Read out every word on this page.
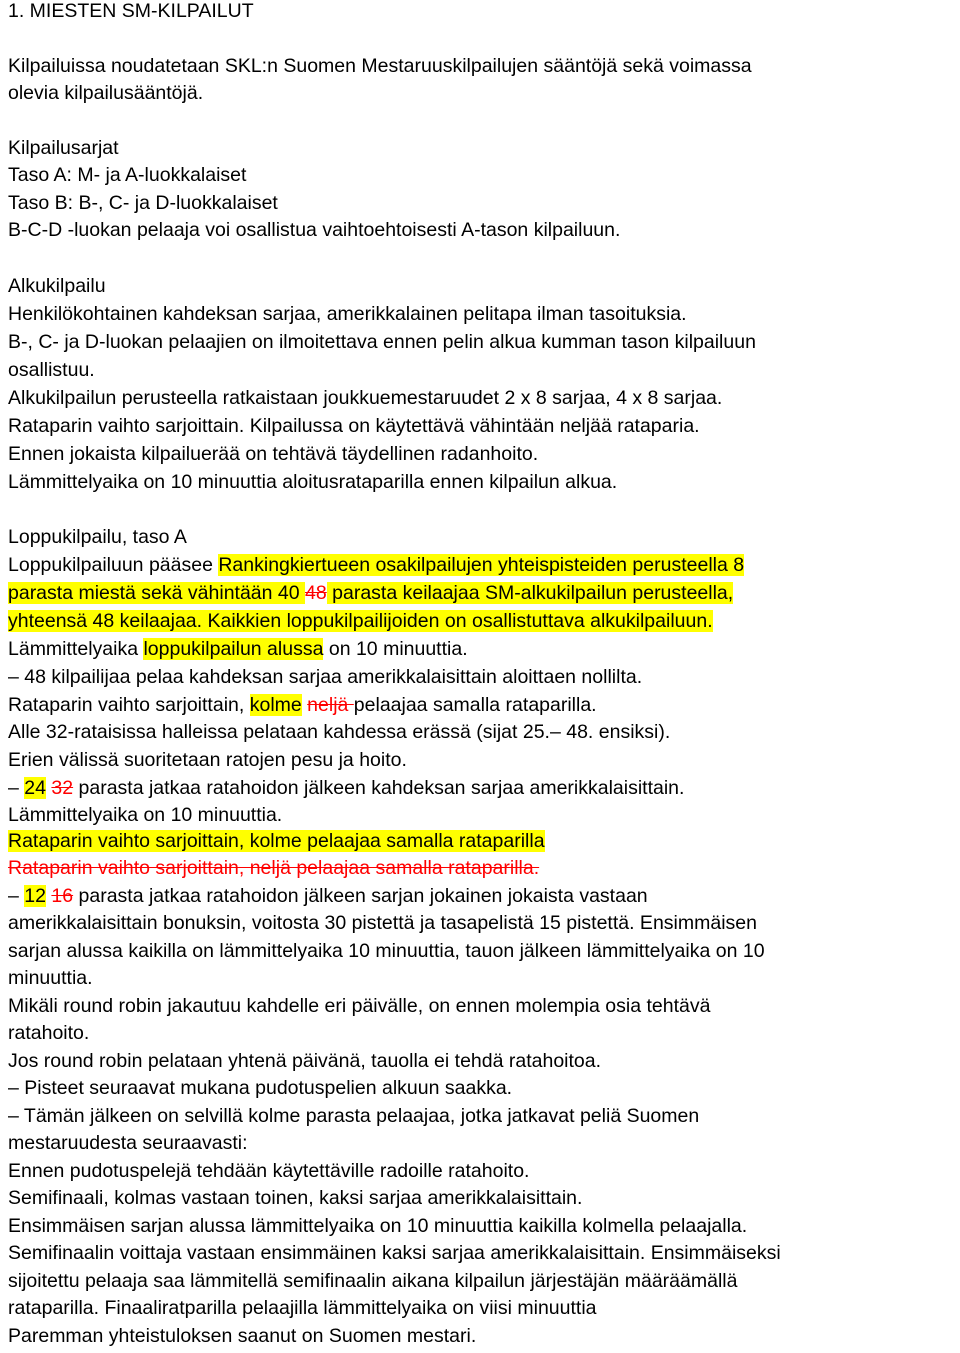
1. MIESTEN SM-KILPAILUT
Kilpailuissa noudatetaan SKL:n Suomen Mestaruuskilpailujen sääntöjä sekä voimassa
olevia kilpailusääntöjä.
Kilpailusarjat
Taso A: M- ja A-luokkalaiset
Taso B: B-, C- ja D-luokkalaiset
B-C-D -luokan pelaaja voi osallistua vaihtoehtoisesti A-tason kilpailuun.
Alkukilpailu
Henkilökohtainen kahdeksan sarjaa, amerikkalainen pelitapa ilman tasoituksia.
B-, C- ja D-luokan pelaajien on ilmoitettava ennen pelin alkua kumman tason kilpailuun
osallistuu.
Alkukilpailun perusteella ratkaistaan joukkuemestaruudet 2 x 8 sarjaa, 4 x 8 sarjaa.
Rataparin vaihto sarjoittain. Kilpailussa on käytettävä vähintään neljää rataparia.
Ennen jokaista kilpailuerää on tehtävä täydellinen radanhoito.
Lämmittelyaika on 10 minuuttia aloitusrataparilla ennen kilpailun alkua.
Loppukilpailu, taso A
Loppukilpailuun pääsee Rankingkiertueen osakilpailujen yhteispisteiden perusteella 8
parasta miestä sekä vähintään 40 48 parasta keilaajaa SM-alkukilpailun perusteella,
yhteensä 48 keilaajaa. Kaikkien loppukilpailijoiden on osallistuttava alkukilpailuun.
Lämmittelyaika loppukilpailun alussa on 10 minuuttia.
– 48 kilpailijaa pelaa kahdeksan sarjaa amerikkalaisittain aloittaen nollilta.
Rataparin vaihto sarjoittain, kolme neljä pelaajaa samalla rataparilla.
Alle 32-rataisissa halleissa pelataan kahdessa erässä (sijat 25.– 48. ensiksi).
Erien välissä suoritetaan ratojen pesu ja hoito.
– 24 32 parasta jatkaa ratahoidon jälkeen kahdeksan sarjaa amerikkalaisittain.
Lämmittelyaika on 10 minuuttia.
Rataparin vaihto sarjoittain, kolme pelaajaa samalla rataparilla
Rataparin vaihto sarjoittain, neljä pelaajaa samalla rataparilla.
– 12 16 parasta jatkaa ratahoidon jälkeen sarjan jokainen jokaista vastaan
amerikkalaisittain bonuksin, voitosta 30 pistettä ja tasapelistä 15 pistettä. Ensimmäisen
sarjan alussa kaikilla on lämmittelyaika 10 minuuttia, tauon jälkeen lämmittelyaika on 10
minuuttia.
Mikäli round robin jakautuu kahdelle eri päivälle, on ennen molempia osia tehtävä
ratahoito.
Jos round robin pelataan yhtenä päivänä, tauolla ei tehdä ratahoitoa.
– Pisteet seuraavat mukana pudotuspelien alkuun saakka.
– Tämän jälkeen on selvillä kolme parasta pelaajaa, jotka jatkavat peliä Suomen
mestaruudesta seuraavasti:
Ennen pudotuspelejä tehdään käytettäville radoille ratahoito.
Semifinaali, kolmas vastaan toinen, kaksi sarjaa amerikkalaisittain.
Ensimmäisen sarjan alussa lämmittelyaika on 10 minuuttia kaikilla kolmella pelaajalla.
Semifinaalin voittaja vastaan ensimmäinen kaksi sarjaa amerikkalaisittain. Ensimmäiseksi
sijoitettu pelaaja saa lämmitellä semifinaalin aikana kilpailun järjestäjän määräämällä
rataparilla. Finaaliratparilla pelaajilla lämmittelyaika on viisi minuuttia
Paremman yhteistuloksen saanut on Suomen mestari.
